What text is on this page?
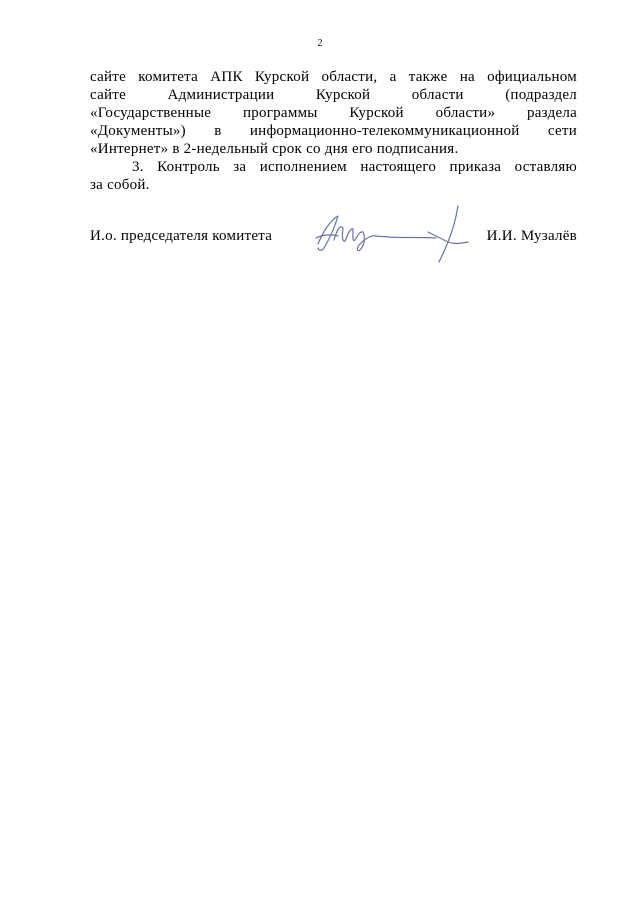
2

сайте комитета АПК Курской области, а также на официальном
сайте Администрации Курской области (подраздел
«Государственные программы Курской области» раздела
«Документы») в информационно-телекоммуникационной сети
«Интернет» в 2-недельный срок со дня его подписания.

3. Контроль за исполнением настоящего приказа оставляю
за собой.

И.о. председателя комитета	И.И. Музалёв
